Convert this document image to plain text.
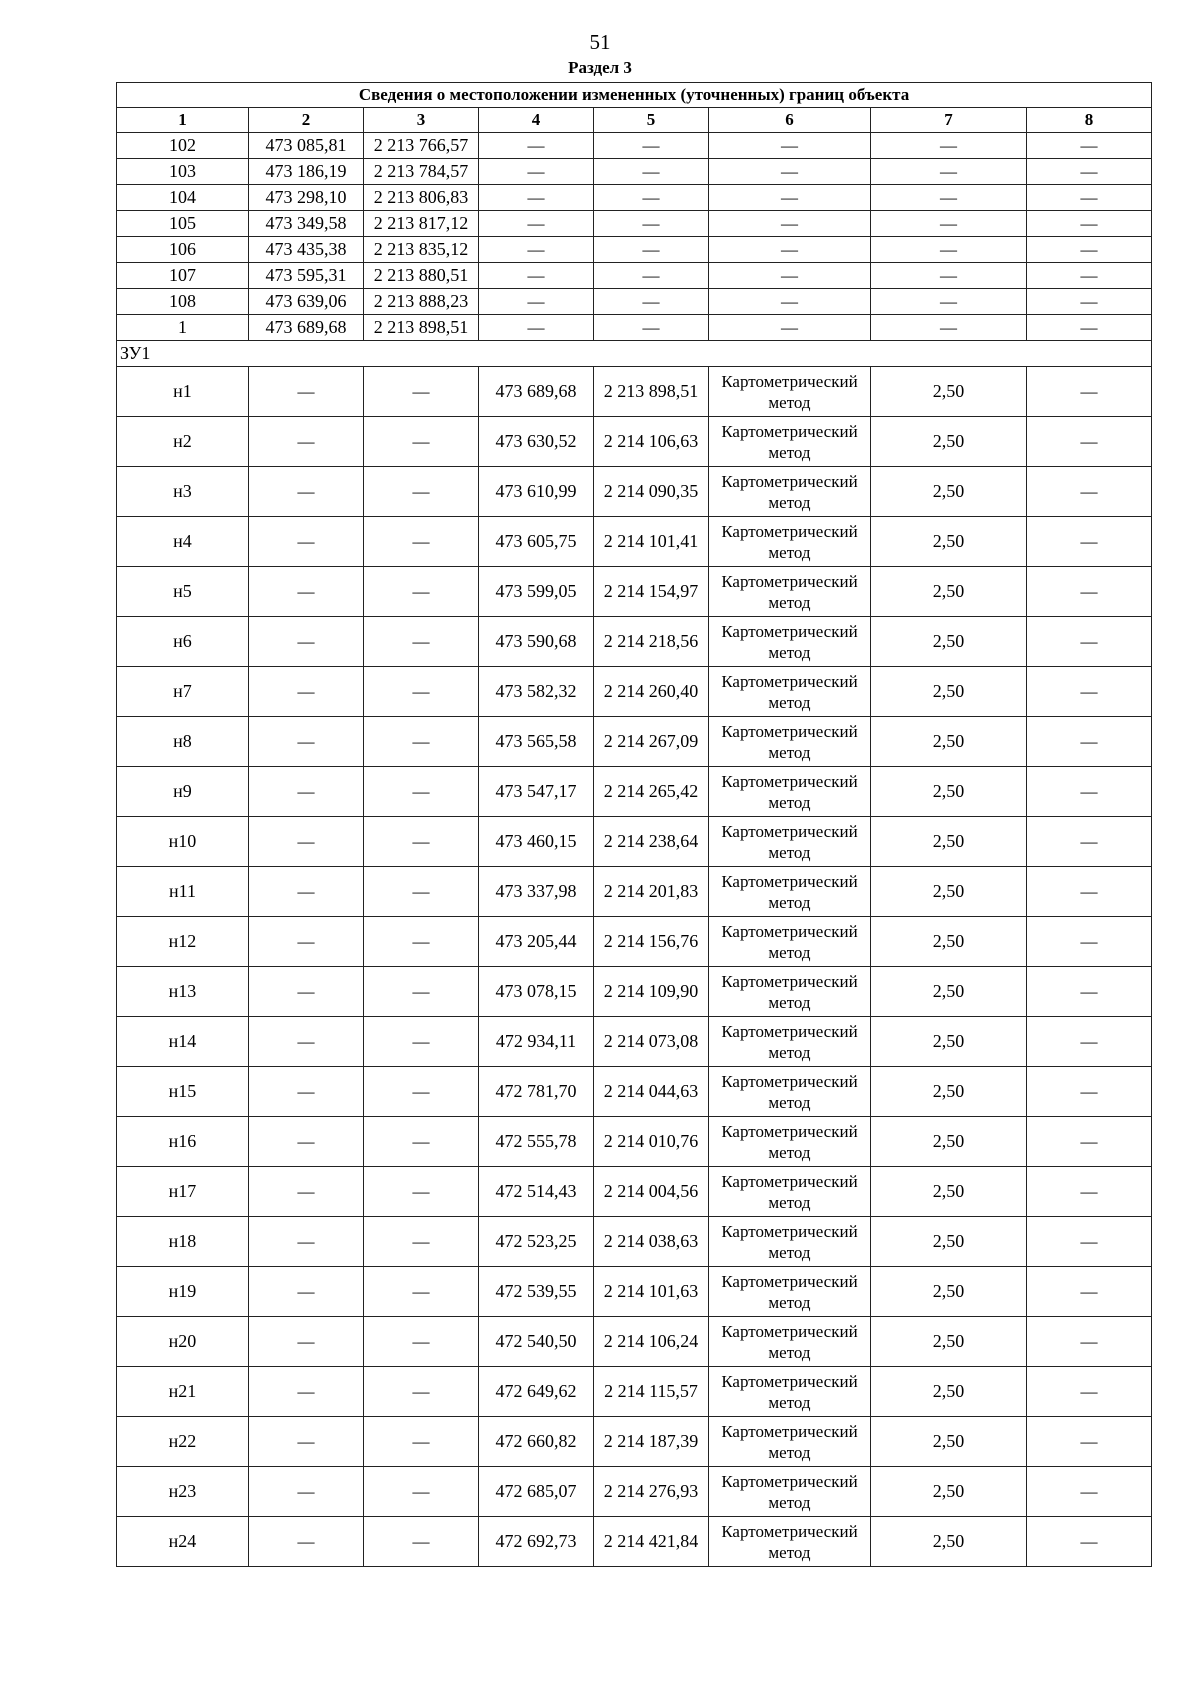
51
Раздел 3
Сведения о местоположении измененных (уточненных) границ объекта							
1	2	3	4	5	6	7	8
102	473 085,81	2 213 766,57	—	—	—	—	—
103	473 186,19	2 213 784,57	—	—	—	—	—
104	473 298,10	2 213 806,83	—	—	—	—	—
105	473 349,58	2 213 817,12	—	—	—	—	—
106	473 435,38	2 213 835,12	—	—	—	—	—
107	473 595,31	2 213 880,51	—	—	—	—	—
108	473 639,06	2 213 888,23	—	—	—	—	—
1	473 689,68	2 213 898,51	—	—	—	—	—
ЗУ1							
н1	—	—	473 689,68	2 213 898,51	Картометрический метод	2,50	—
н2	—	—	473 630,52	2 214 106,63	Картометрический метод	2,50	—
н3	—	—	473 610,99	2 214 090,35	Картометрический метод	2,50	—
н4	—	—	473 605,75	2 214 101,41	Картометрический метод	2,50	—
н5	—	—	473 599,05	2 214 154,97	Картометрический метод	2,50	—
н6	—	—	473 590,68	2 214 218,56	Картометрический метод	2,50	—
н7	—	—	473 582,32	2 214 260,40	Картометрический метод	2,50	—
н8	—	—	473 565,58	2 214 267,09	Картометрический метод	2,50	—
н9	—	—	473 547,17	2 214 265,42	Картометрический метод	2,50	—
н10	—	—	473 460,15	2 214 238,64	Картометрический метод	2,50	—
н11	—	—	473 337,98	2 214 201,83	Картометрический метод	2,50	—
н12	—	—	473 205,44	2 214 156,76	Картометрический метод	2,50	—
н13	—	—	473 078,15	2 214 109,90	Картометрический метод	2,50	—
н14	—	—	472 934,11	2 214 073,08	Картометрический метод	2,50	—
н15	—	—	472 781,70	2 214 044,63	Картометрический метод	2,50	—
н16	—	—	472 555,78	2 214 010,76	Картометрический метод	2,50	—
н17	—	—	472 514,43	2 214 004,56	Картометрический метод	2,50	—
н18	—	—	472 523,25	2 214 038,63	Картометрический метод	2,50	—
н19	—	—	472 539,55	2 214 101,63	Картометрический метод	2,50	—
н20	—	—	472 540,50	2 214 106,24	Картометрический метод	2,50	—
н21	—	—	472 649,62	2 214 115,57	Картометрический метод	2,50	—
н22	—	—	472 660,82	2 214 187,39	Картометрический метод	2,50	—
н23	—	—	472 685,07	2 214 276,93	Картометрический метод	2,50	—
н24	—	—	472 692,73	2 214 421,84	Картометрический метод	2,50	—
